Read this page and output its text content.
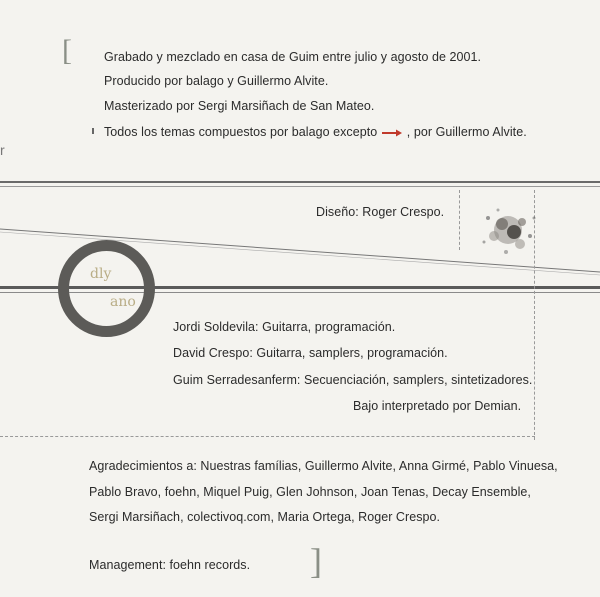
[
]
Grabado y mezclado en casa de Guim entre julio y agosto de 2001.
Producido por balago y Guillermo Alvite.
Masterizado por Sergi Marsiñach de San Mateo.
Todos los temas compuestos por balago excepto , por Guillermo Alvite.
r
Diseño: Roger Crespo.
dly
ano
Jordi Soldevila: Guitarra, programación.
David Crespo: Guitarra, samplers, programación.
Guim Serradesanferm: Secuenciación, samplers, sintetizadores.
Bajo interpretado por Demian.
Agradecimientos a: Nuestras famílias, Guillermo Alvite, Anna Girmé, Pablo Vinuesa,
Pablo Bravo, foehn, Miquel Puig, Glen Johnson, Joan Tenas, Decay Ensemble,
Sergi Marsiñach, colectivoq.com, Maria Ortega, Roger Crespo.
Management: foehn records.
